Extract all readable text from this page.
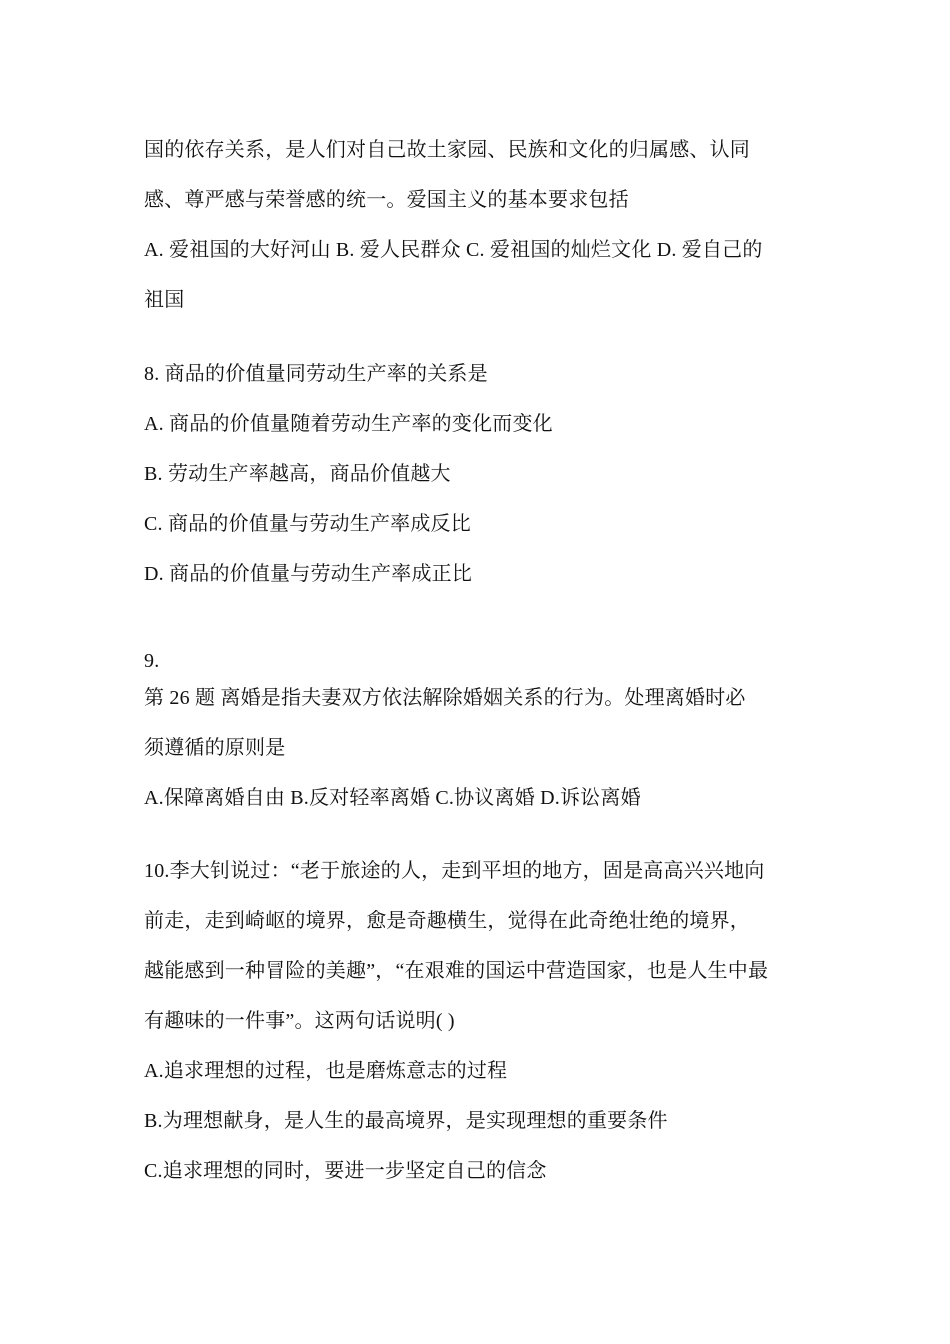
国的依存关系，是人们对自己故土家园、民族和文化的归属感、认同
感、尊严感与荣誉感的统一。爱国主义的基本要求包括
A. 爱祖国的大好河山 B. 爱人民群众 C. 爱祖国的灿烂文化 D. 爱自己的
祖国
8. 商品的价值量同劳动生产率的关系是
A. 商品的价值量随着劳动生产率的变化而变化
B. 劳动生产率越高，商品价值越大
C. 商品的价值量与劳动生产率成反比
D. 商品的价值量与劳动生产率成正比
9.
第 26 题 离婚是指夫妻双方依法解除婚姻关系的行为。处理离婚时必
须遵循的原则是
A.保障离婚自由 B.反对轻率离婚 C.协议离婚 D.诉讼离婚
10.李大钊说过：“老于旅途的人，走到平坦的地方，固是高高兴兴地向
前走，走到崎岖的境界，愈是奇趣横生，觉得在此奇绝壮绝的境界，
越能感到一种冒险的美趣”，“在艰难的国运中营造国家，也是人生中最
有趣味的一件事”。这两句话说明( )
A.追求理想的过程，也是磨炼意志的过程
B.为理想献身，是人生的最高境界，是实现理想的重要条件
C.追求理想的同时，要进一步坚定自己的信念
